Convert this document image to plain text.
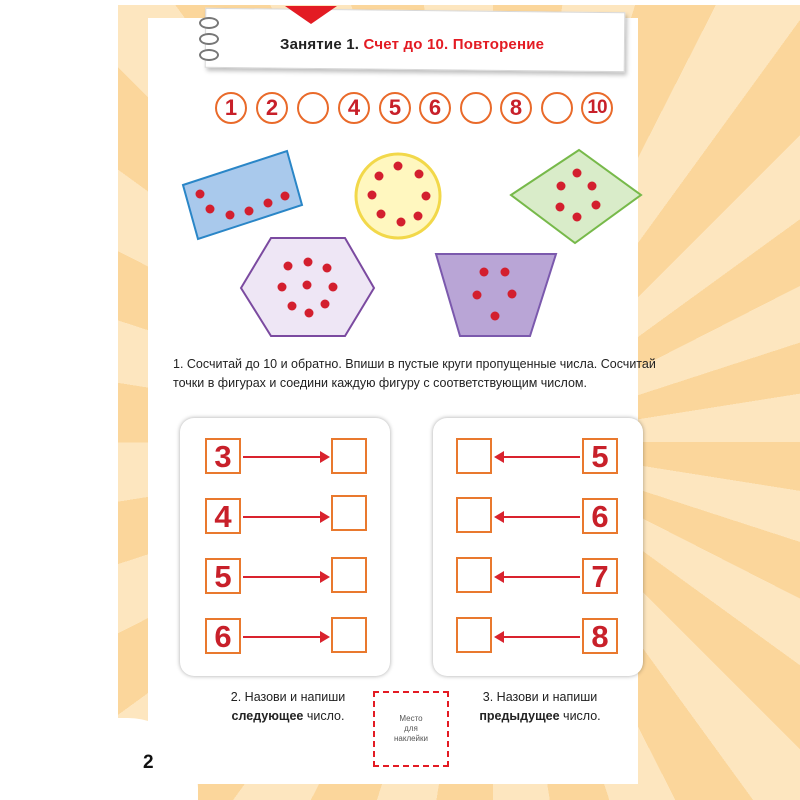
Занятие 1. Счет до 10. Повторение
1	2	4	5	6	8	10
1. Сосчитай до 10 и обратно. Впиши в пустые круги пропущенные числа. Сосчитай
точки в фигурах и соедини каждую фигуру с соответствующим числом.
3
4
5
6
5
6
7
8
2. Назови и напиши
следующее число.
3. Назови и напиши
предыдущее число.
Место
для
наклейки
2
